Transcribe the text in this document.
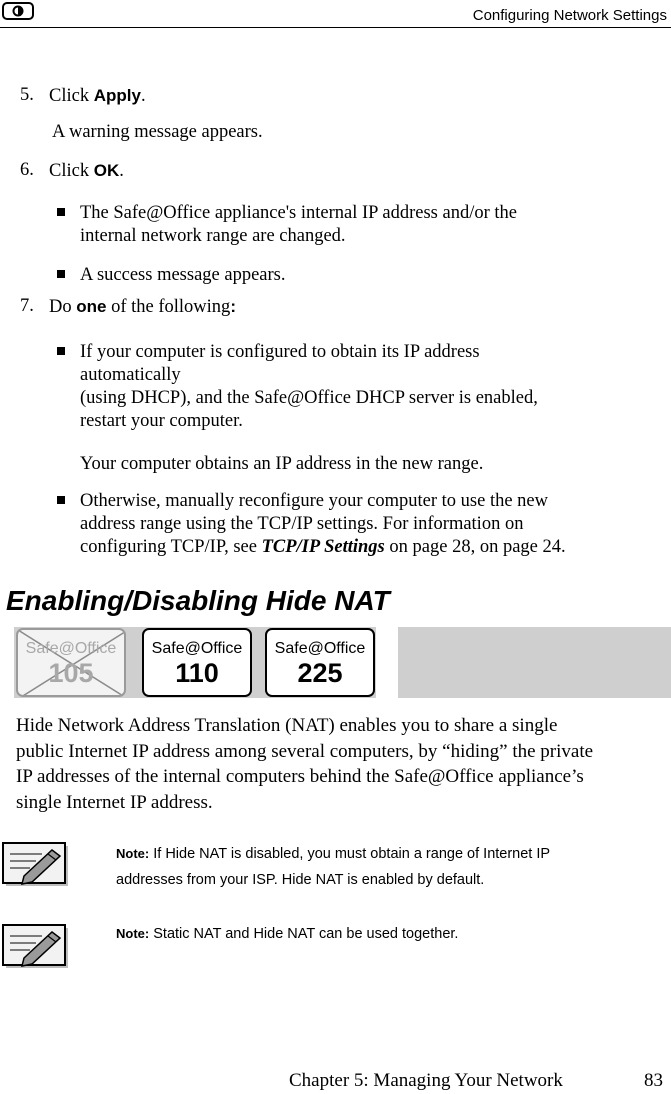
Configuring Network Settings
5. Click Apply.
A warning message appears.
6. Click OK.
The Safe@Office appliance's internal IP address and/or the
internal network range are changed.
A success message appears.
7. Do one of the following:
If your computer is configured to obtain its IP address
automatically
(using DHCP), and the Safe@Office DHCP server is enabled,
restart your computer.
Your computer obtains an IP address in the new range.
Otherwise, manually reconfigure your computer to use the new
address range using the TCP/IP settings. For information on
configuring TCP/IP, see TCP/IP Settings on page 28, on page 24.
Enabling/Disabling Hide NAT
Safe@Office
105
Safe@Office
110
Safe@Office
225
Hide Network Address Translation (NAT) enables you to share a single
public Internet IP address among several computers, by “hiding” the private
IP addresses of the internal computers behind the Safe@Office appliance’s
single Internet IP address.
Note: If Hide NAT is disabled, you must obtain a range of Internet IP
addresses from your ISP. Hide NAT is enabled by default.
Note: Static NAT and Hide NAT can be used together.
Chapter 5: Managing Your Network	83
